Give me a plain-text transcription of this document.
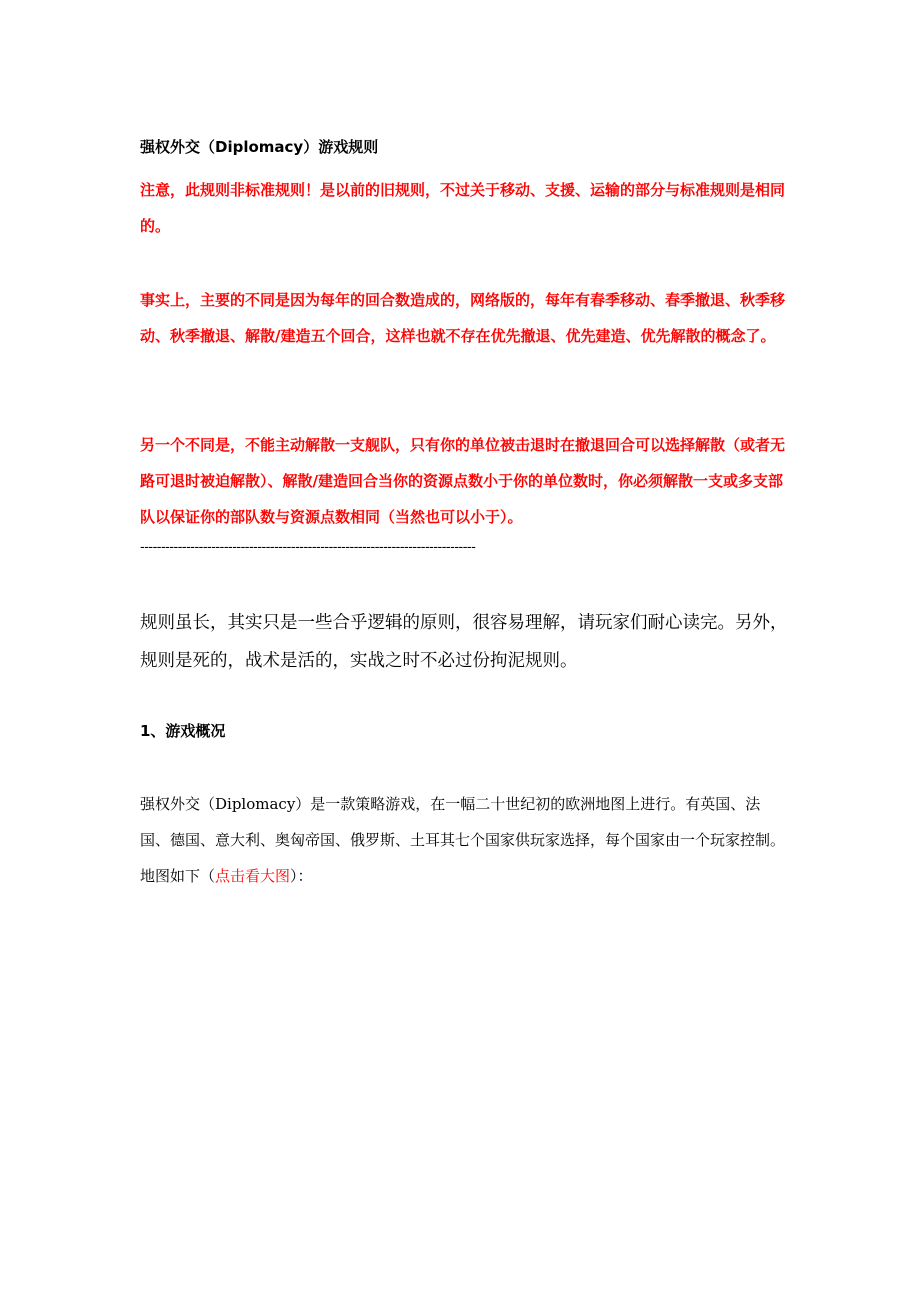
强权外交（Diplomacy）游戏规则
注意，此规则非标准规则！是以前的旧规则，不过关于移动、支援、运输的部分与标准规则是相同的。
事实上，主要的不同是因为每年的回合数造成的，网络版的，每年有春季移动、春季撤退、秋季移动、秋季撤退、解散/建造五个回合，这样也就不存在优先撤退、优先建造、优先解散的概念了。
另一个不同是，不能主动解散一支舰队，只有你的单位被击退时在撤退回合可以选择解散（或者无路可退时被迫解散）、解散/建造回合当你的资源点数小于你的单位数时，你必须解散一支或多支部队以保证你的部队数与资源点数相同（当然也可以小于）。
--------------------------------------------------------------------------------
规则虽长，其实只是一些合乎逻辑的原则，很容易理解，请玩家们耐心读完。另外，规则是死的，战术是活的，实战之时不必过份拘泥规则。
1、游戏概况
强权外交（Diplomacy）是一款策略游戏，在一幅二十世纪初的欧洲地图上进行。有英国、法国、德国、意大利、奥匈帝国、俄罗斯、土耳其七个国家供玩家选择，每个国家由一个玩家控制。地图如下（点击看大图）：
